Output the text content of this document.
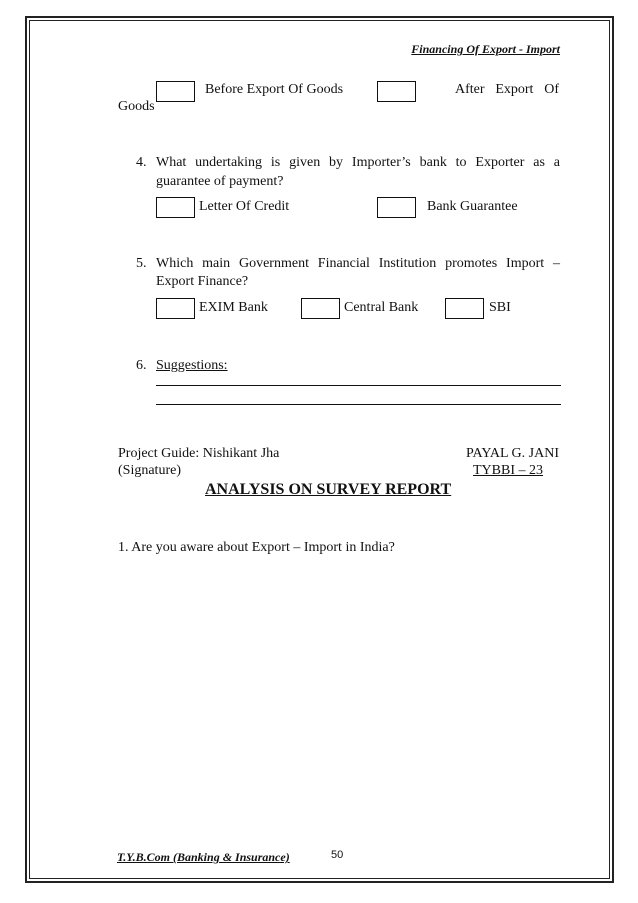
Financing Of Export - Import
Before Export Of Goods	After Export Of
Goods
4. What undertaking is given by Importer’s bank to Exporter as a
guarantee of payment?
Letter Of Credit	Bank Guarantee
5. Which main Government Financial Institution promotes Import –
Export Finance?
EXIM Bank	Central Bank	SBI
6. Suggestions:
Project Guide: Nishikant Jha
(Signature)
PAYAL G. JANI
TYBBI – 23
ANALYSIS ON SURVEY REPORT
1. Are you aware about Export – Import in India?
T.Y.B.Com (Banking & Insurance)	50
